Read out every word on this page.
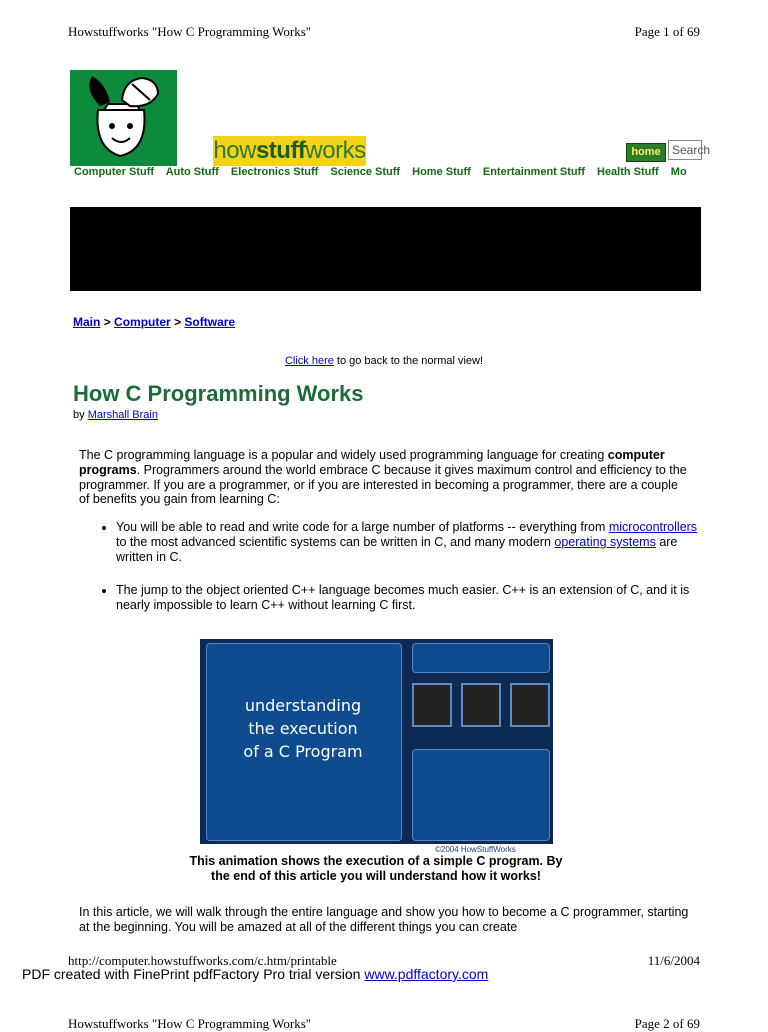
Howstuffworks "How C Programming Works"	Page 1 of 69
howstuffworks	home Search
Computer Stuff Auto Stuff Electronics Stuff Science Stuff Home Stuff Entertainment Stuff Health Stuff Mo
Main > Computer > Software
Click here to go back to the normal view!
How C Programming Works
by Marshall Brain
The C programming language is a popular and widely used programming language for creating computer programs. Programmers around the world embrace C because it gives maximum control and efficiency to the programmer. If you are a programmer, or if you are interested in becoming a programmer, there are a couple of benefits you gain from learning C:
• You will be able to read and write code for a large number of platforms -- everything from microcontrollers to the most advanced scientific systems can be written in C, and many modern operating systems are written in C.
• The jump to the object oriented C++ language becomes much easier. C++ is an extension of C, and it is nearly impossible to learn C++ without learning C first.
understanding
the execution
of a C Program
©2004 HowStuffWorks
This animation shows the execution of a simple C program. By
the end of this article you will understand how it works!
In this article, we will walk through the entire language and show you how to become a C programmer, starting at the beginning. You will be amazed at all of the different things you can create
http://computer.howstuffworks.com/c.htm/printable	11/6/2004
PDF created with FinePrint pdfFactory Pro trial version www.pdffactory.com
Howstuffworks "How C Programming Works"	Page 2 of 69
